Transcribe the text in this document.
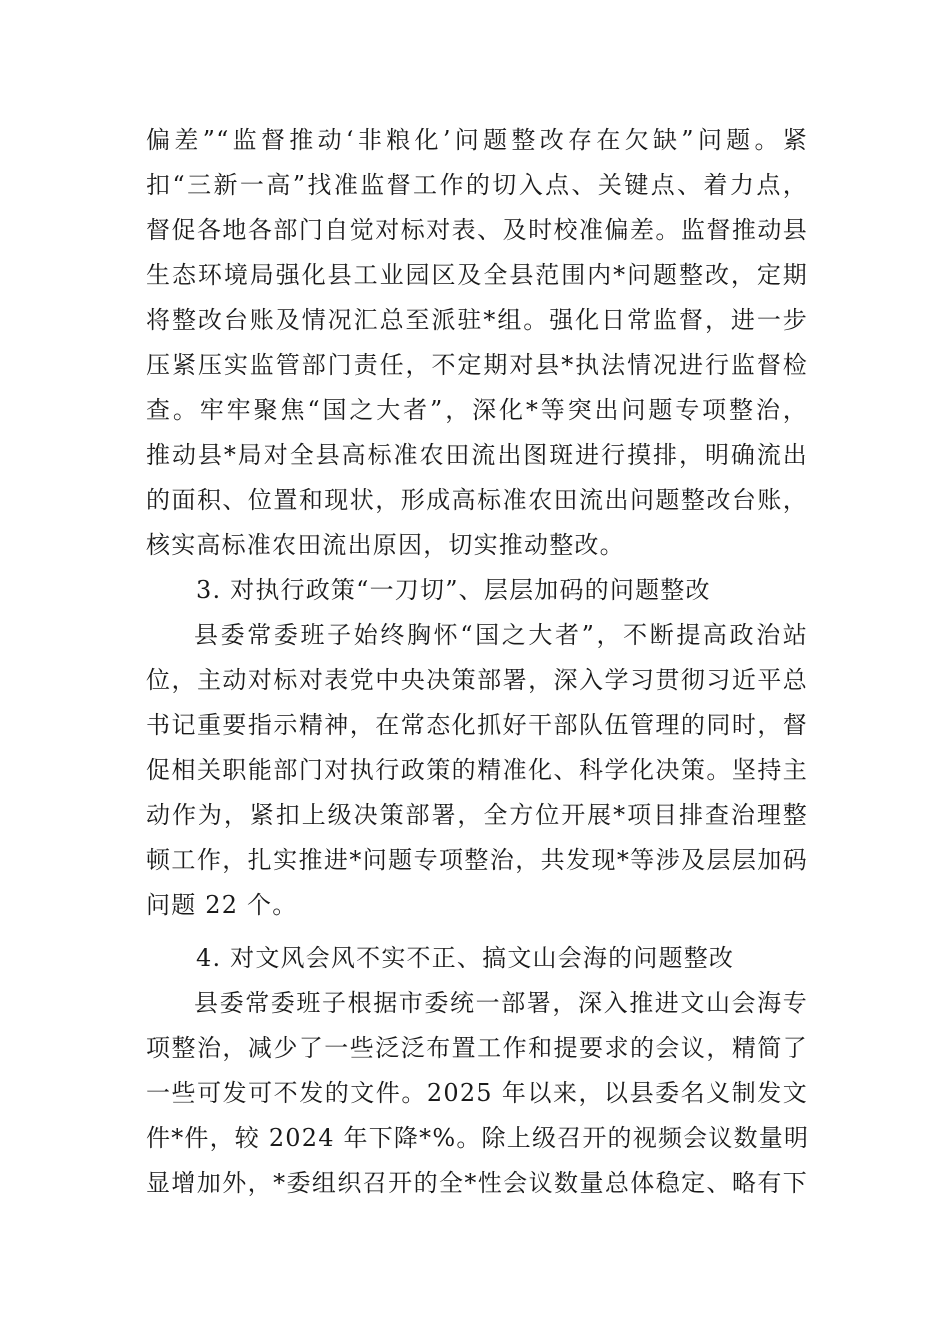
偏差”“监督推动‘非粮化’问题整改存在欠缺”问题。紧
扣“三新一高”找准监督工作的切入点、关键点、着力点，
督促各地各部门自觉对标对表、及时校准偏差。监督推动县
生态环境局强化县工业园区及全县范围内*问题整改，定期
将整改台账及情况汇总至派驻*组。强化日常监督，进一步
压紧压实监管部门责任，不定期对县*执法情况进行监督检
查。牢牢聚焦“国之大者”，深化*等突出问题专项整治，
推动县*局对全县高标准农田流出图斑进行摸排，明确流出
的面积、位置和现状，形成高标准农田流出问题整改台账，
核实高标准农田流出原因，切实推动整改。
3. 对执行政策“一刀切”、层层加码的问题整改
县委常委班子始终胸怀“国之大者”，不断提高政治站
位，主动对标对表党中央决策部署，深入学习贯彻习近平总
书记重要指示精神，在常态化抓好干部队伍管理的同时，督
促相关职能部门对执行政策的精准化、科学化决策。坚持主
动作为，紧扣上级决策部署，全方位开展*项目排查治理整
顿工作，扎实推进*问题专项整治，共发现*等涉及层层加码
问题 22 个。
4. 对文风会风不实不正、搞文山会海的问题整改
县委常委班子根据市委统一部署，深入推进文山会海专
项整治，减少了一些泛泛布置工作和提要求的会议，精简了
一些可发可不发的文件。2025 年以来，以县委名义制发文
件*件，较 2024 年下降*%。除上级召开的视频会议数量明
显增加外，*委组织召开的全*性会议数量总体稳定、略有下
